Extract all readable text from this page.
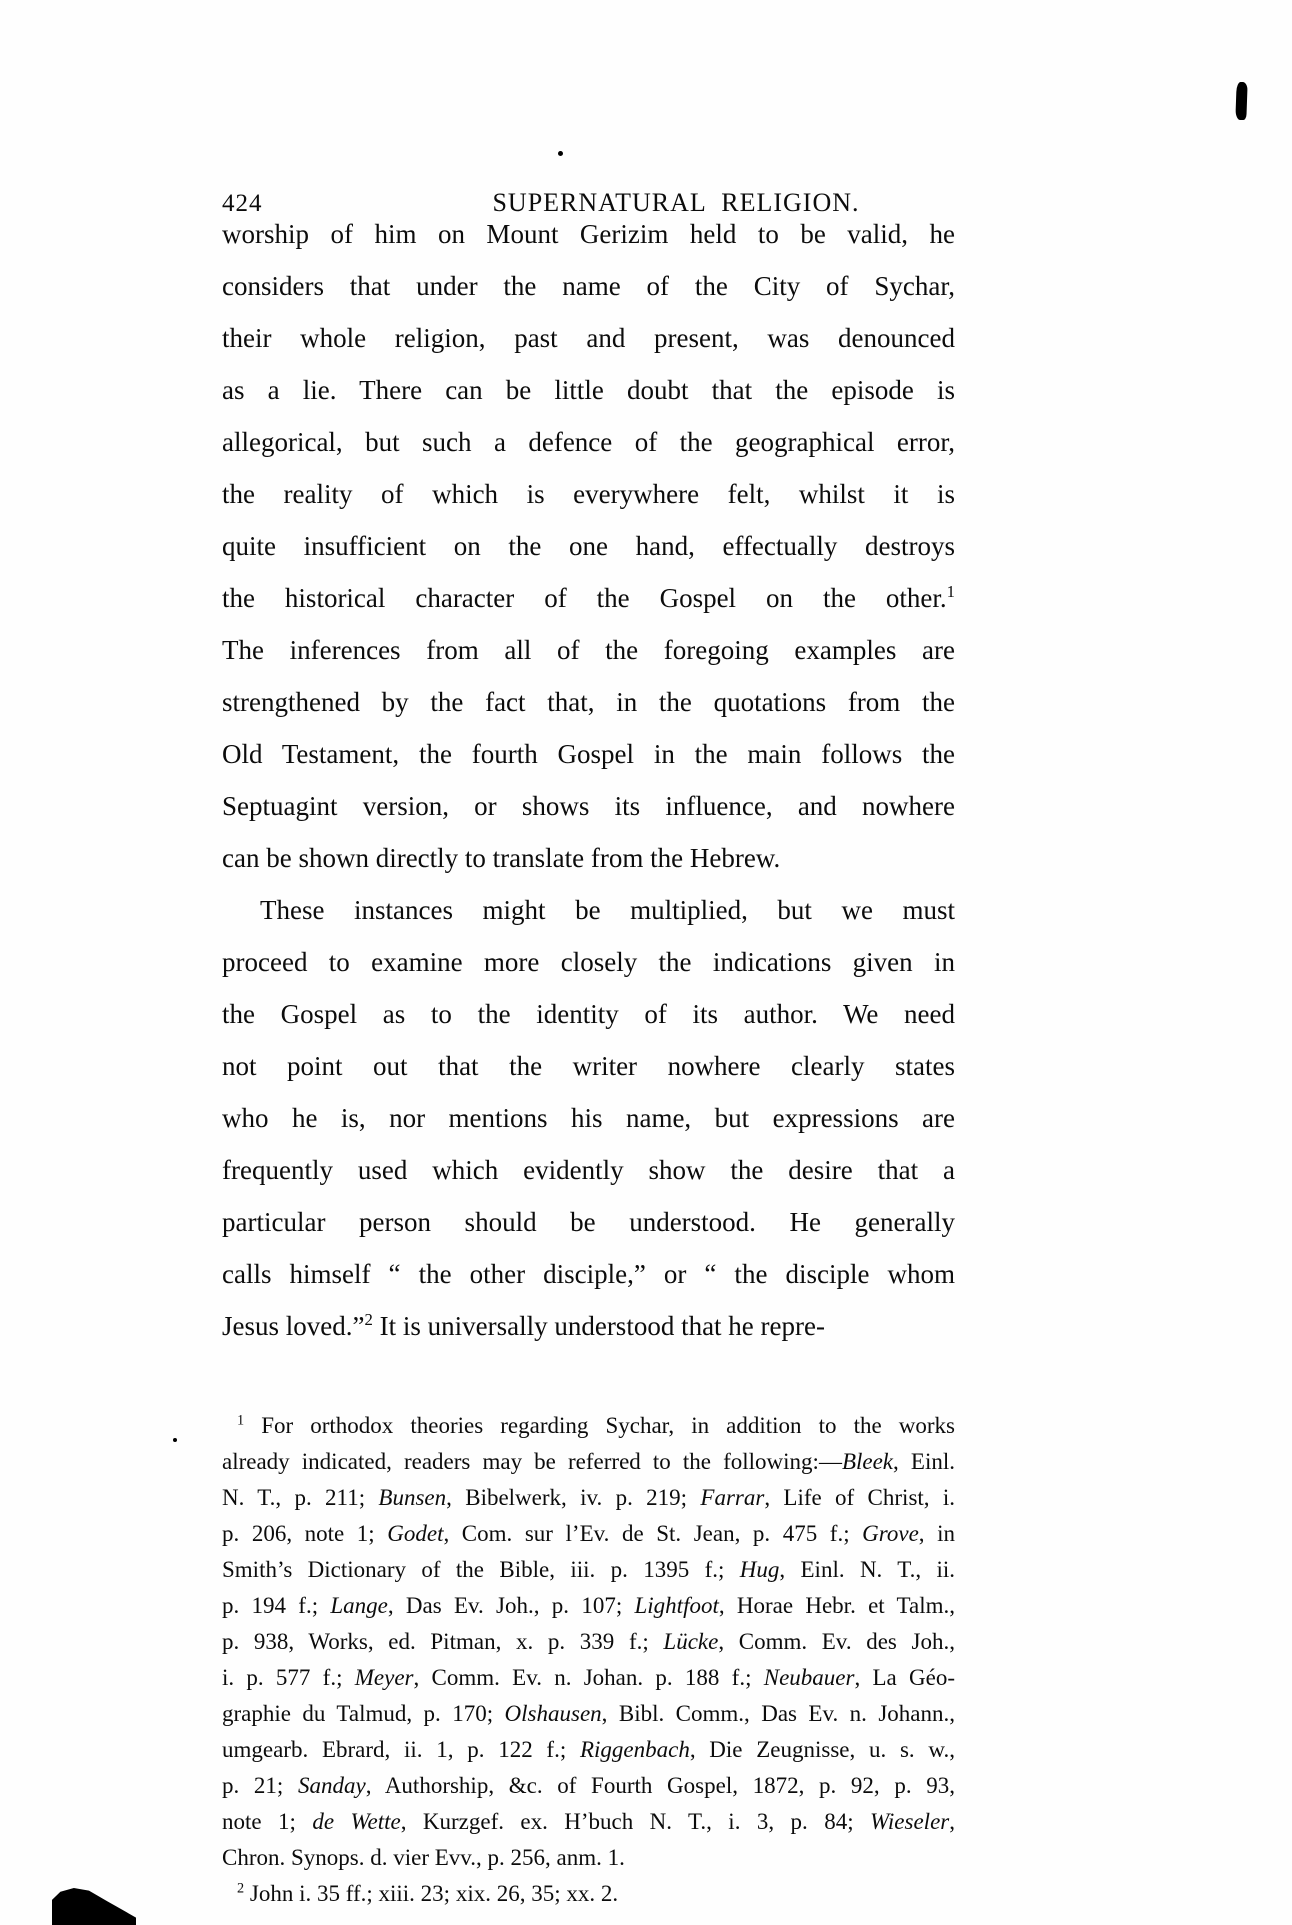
424	SUPERNATURAL RELIGION.
worship of him on Mount Gerizim held to be valid, he
considers that under the name of the City of Sychar,
their whole religion, past and present, was denounced
as a lie. There can be little doubt that the episode is
allegorical, but such a defence of the geographical error,
the reality of which is everywhere felt, whilst it is
quite insufficient on the one hand, effectually destroys
the historical character of the Gospel on the other.$^1$
The inferences from all of the foregoing examples are
strengthened by the fact that, in the quotations from the
Old Testament, the fourth Gospel in the main follows the
Septuagint version, or shows its influence, and nowhere
can be shown directly to translate from the Hebrew.
These instances might be multiplied, but we must
proceed to examine more closely the indications given in
the Gospel as to the identity of its author. We need
not point out that the writer nowhere clearly states
who he is, nor mentions his name, but expressions are
frequently used which evidently show the desire that a
particular person should be understood. He generally
calls himself “ the other disciple,” or “ the disciple whom
Jesus loved.”$^2$ It is universally understood that he repre-
$^1$ For orthodox theories regarding Sychar, in addition to the works
already indicated, readers may be referred to the following:—Bleek, Einl.
N. T., p. 211; Bunsen, Bibelwerk, iv. p. 219; Farrar, Life of Christ, i.
p. 206, note 1; Godet, Com. sur l’Ev. de St. Jean, p. 475 f.; Grove, in
Smith’s Dictionary of the Bible, iii. p. 1395 f.; Hug, Einl. N. T., ii.
p. 194 f.; Lange, Das Ev. Joh., p. 107; Lightfoot, Horae Hebr. et Talm.,
p. 938, Works, ed. Pitman, x. p. 339 f.; Lücke, Comm. Ev. des Joh.,
i. p. 577 f.; Meyer, Comm. Ev. n. Johan. p. 188 f.; Neubauer, La Géo-
graphie du Talmud, p. 170; Olshausen, Bibl. Comm., Das Ev. n. Johann.,
umgearb. Ebrard, ii. 1, p. 122 f.; Riggenbach, Die Zeugnisse, u. s. w.,
p. 21; Sanday, Authorship, &c. of Fourth Gospel, 1872, p. 92, p. 93,
note 1; de Wette, Kurzgef. ex. H’buch N. T., i. 3, p. 84; Wieseler,
Chron. Synops. d. vier Evv., p. 256, anm. 1.
$^2$ John i. 35 ff.; xiii. 23; xix. 26, 35; xx. 2.
